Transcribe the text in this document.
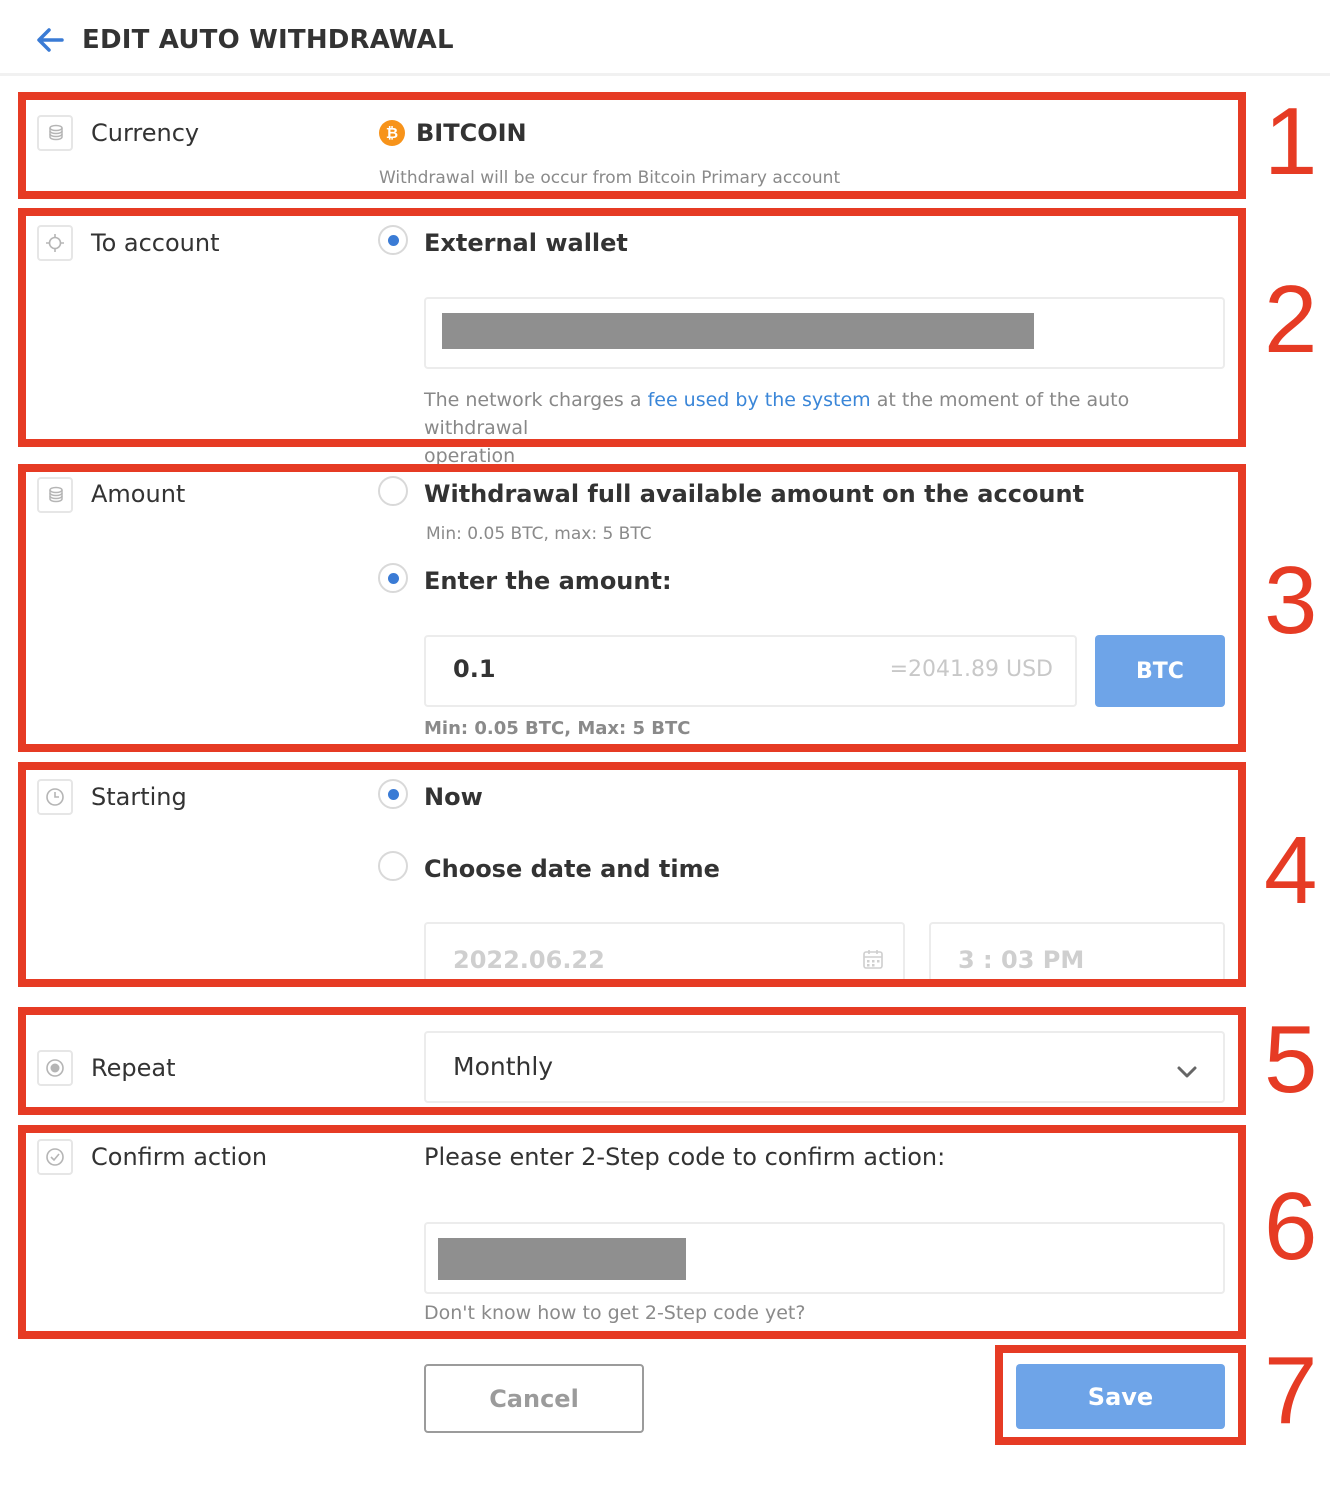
EDIT AUTO WITHDRAWAL
Currency	₿ BITCOIN
Withdrawal will be occur from Bitcoin Primary account
To account	External wallet
The network charges a fee used by the system at the moment of the auto withdrawal
operation
Amount	Withdrawal full available amount on the account
Min: 0.05 BTC, max: 5 BTC
Enter the amount:
0.1	=2041.89 USD	BTC
Min: 0.05 BTC, Max: 5 BTC
Starting	Now
Choose date and time
2022.06.22	3 : 03 PM
Repeat	Monthly
Confirm action	Please enter 2-Step code to confirm action:
Don't know how to get 2-Step code yet?
Cancel	Save
1
2
3
4
5
6
7
